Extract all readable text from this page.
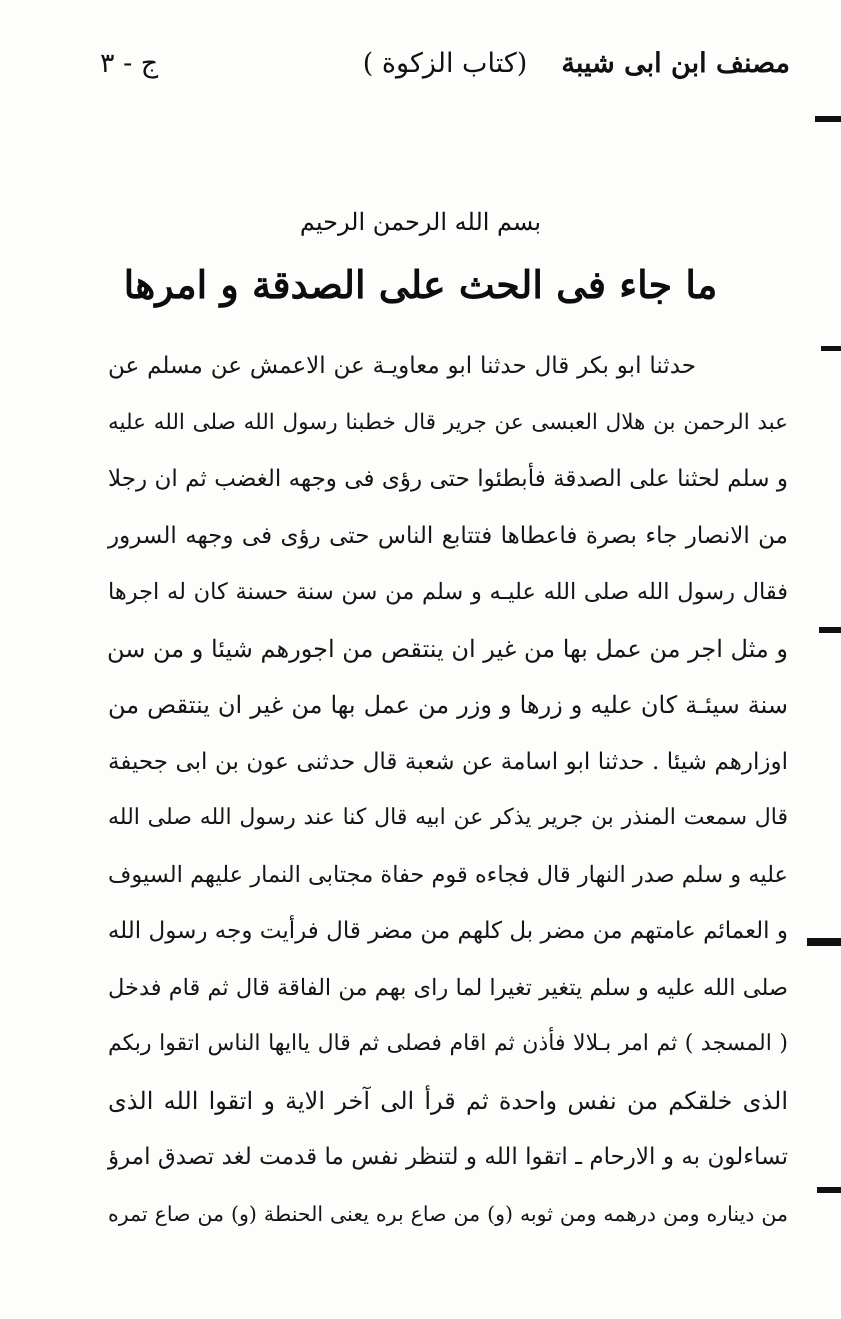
مصنف ابن ابی شیبة
(کتاب الزکوة )
ج - ٣
بسم الله الرحمن الرحیم
ما جاء فی الحث علی الصدقة و امرها
حدثنا ابو بکر قال حدثنا ابو معاویـة عن الاعمش عن مسلم عن
عبد الرحمن بن هلال العبسی عن جریر قال خطبنا رسول الله صلی الله علیه
و سلم لحثنا علی الصدقة فأبطئوا حتی رؤی فی وجهه الغضب ثم ان رجلا
من الانصار جاء بصرة فاعطاها فتتابع الناس حتی رؤی فی وجهه السرور
فقال رسول الله صلی الله علیـه و سلم من سن سنة حسنة کان له اجرها
و مثل اجر من عمل بها من غیر ان ینتقص من اجورهم شیئا و من سن
سنة سیئـة کان علیه و زرها و وزر من عمل بها من غیر ان ینتقص من
اوزارهم شیئا . حدثنا ابو اسامة عن شعبة قال حدثنی عون بن ابی جحیفة
قال سمعت المنذر بن جریر یذکر عن ابیه قال کنا عند رسول الله صلی الله
علیه و سلم صدر النهار قال فجاءه قوم حفاة مجتابی النمار علیهم السیوف
و العمائم عامتهم من مضر بل کلهم من مضر قال فرأیت وجه رسول الله
صلی الله علیه و سلم یتغیر تغیرا لما رای بهم من الفاقة قال ثم قام فدخل
( المسجد ) ثم امر بـلالا فأذن ثم اقام فصلی ثم قال یاایها الناس اتقوا ربکم
الذی خلقکم من نفس واحدة ثم قرأ الی آخر الایة و اتقوا الله الذی
تساءلون به و الارحام ـ اتقوا الله و لتنظر نفس ما قدمت لغد تصدق امرؤ
من دیناره ومن درهمه ومن ثوبه (و) من صاع بره یعنی الحنطة (و) من صاع تمره
